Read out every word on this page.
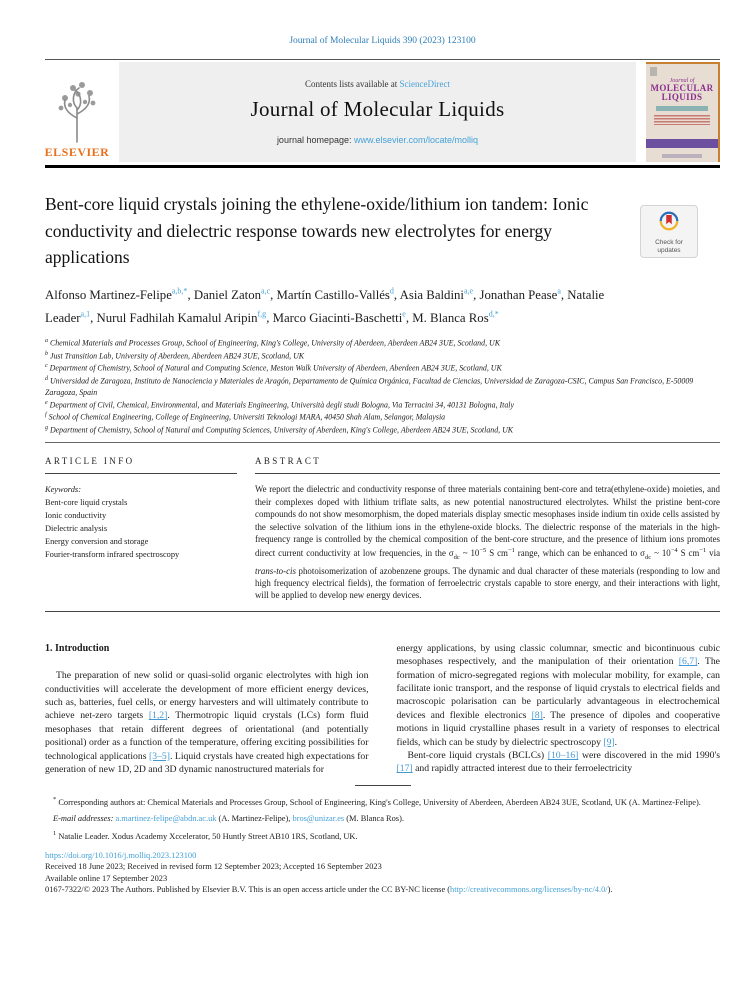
Journal of Molecular Liquids 390 (2023) 123100
ELSEVIER
Contents lists available at ScienceDirect
Journal of Molecular Liquids
journal homepage: www.elsevier.com/locate/molliq
Journal of
MOLECULAR
LIQUIDS
Bent-core liquid crystals joining the ethylene-oxide/lithium ion tandem: Ionic conductivity and dielectric response towards new electrolytes for energy applications
Check for updates
Alfonso Martinez-Felipe$^{a,b,*}$, Daniel Zaton$^{a,c}$, Martín Castillo-Vallés$^d$, Asia Baldini$^{a,e}$, Jonathan Pease$^a$, Natalie Leader$^{a,1}$, Nurul Fadhilah Kamalul Aripin$^{f,g}$, Marco Giacinti-Baschetti$^e$, M. Blanca Ros$^{d,*}$
$^a$ Chemical Materials and Processes Group, School of Engineering, King's College, University of Aberdeen, Aberdeen AB24 3UE, Scotland, UK
$^b$ Just Transition Lab, University of Aberdeen, Aberdeen AB24 3UE, Scotland, UK
$^c$ Department of Chemistry, School of Natural and Computing Science, Meston Walk University of Aberdeen, Aberdeen AB24 3UE, Scotland, UK
$^d$ Universidad de Zaragoza, Instituto de Nanociencia y Materiales de Aragón, Departamento de Química Orgánica, Facultad de Ciencias, Universidad de Zaragoza-CSIC, Campus San Francisco, E-50009 Zaragoza, Spain
$^e$ Department of Civil, Chemical, Environmental, and Materials Engineering, Università degli studi Bologna, Via Terracini 34, 40131 Bologna, Italy
$^f$ School of Chemical Engineering, College of Engineering, Universiti Teknologi MARA, 40450 Shah Alam, Selangor, Malaysia
$^g$ Department of Chemistry, School of Natural and Computing Sciences, University of Aberdeen, King's College, Aberdeen AB24 3UE, Scotland, UK
ARTICLE INFO
Keywords:
Bent-core liquid crystals
Ionic conductivity
Dielectric analysis
Energy conversion and storage
Fourier-transform infrared spectroscopy
ABSTRACT
We report the dielectric and conductivity response of three materials containing bent-core and tetra(ethylene-oxide) moieties, and their complexes doped with lithium triflate salts, as new potential nanostructured electrolytes. Whilst the pristine bent-core compounds do not show mesomorphism, the doped materials display smectic mesophases inside indium tin oxide cells assisted by the selective solvation of the lithium ions in the ethylene-oxide blocks. The dielectric response of the materials in the high-frequency range is controlled by the chemical composition of the bent-core structure, and the presence of lithium ions promotes direct current conductivity at low frequencies, in the $\sigma_{dc}$ ~ $10^{-5}$ S $cm^{-1}$ range, which can be enhanced to $\sigma_{dc}$ ~ $10^{-4}$ S $cm^{-1}$ via trans-to-cis photoisomerization of azobenzene groups. The dynamic and dual character of these materials (responding to low and high frequency electrical fields), the formation of ferroelectric crystals capable to store energy, and their interactions with light, will be applied to develop new energy devices.
1. Introduction
The preparation of new solid or quasi-solid organic electrolytes with high ion conductivities will accelerate the development of more efficient energy devices, such as, batteries, fuel cells, or energy harvesters and will ultimately contribute to achieve net-zero targets [1,2]. Thermotropic liquid crystals (LCs) form fluid mesophases that retain different degrees of orientational (and potentially positional) order as a function of the temperature, offering exciting possibilities for technological applications [3–5]. Liquid crystals have created high expectations for generation of new 1D, 2D and 3D dynamic nanostructured materials for
energy applications, by using classic columnar, smectic and bicontinuous cubic mesophases respectively, and the manipulation of their orientation [6,7]. The formation of micro-segregated regions with molecular mobility, for example, can facilitate ionic transport, and the response of liquid crystals to electrical fields and macroscopic polarisation can be particularly advantageous in electrochemical devices and flexible electronics [8]. The presence of dipoles and cooperative motions in liquid crystalline phases result in a variety of responses to electrical fields, which can be study by dielectric spectroscopy [9].
Bent-core liquid crystals (BCLCs) [10–16] were discovered in the mid 1990's [17] and rapidly attracted interest due to their ferroelectricity
* Corresponding authors at: Chemical Materials and Processes Group, School of Engineering, King's College, University of Aberdeen, Aberdeen AB24 3UE, Scotland, UK (A. Martinez-Felipe).
E-mail addresses: a.martinez-felipe@abdn.ac.uk (A. Martinez-Felipe), bros@unizar.es (M. Blanca Ros).
$^1$ Natalie Leader. Xodus Academy Xccelerator, 50 Huntly Street AB10 1RS, Scotland, UK.
https://doi.org/10.1016/j.molliq.2023.123100
Received 18 June 2023; Received in revised form 12 September 2023; Accepted 16 September 2023
Available online 17 September 2023
0167-7322/© 2023 The Authors. Published by Elsevier B.V. This is an open access article under the CC BY-NC license (http://creativecommons.org/licenses/by-nc/4.0/).
